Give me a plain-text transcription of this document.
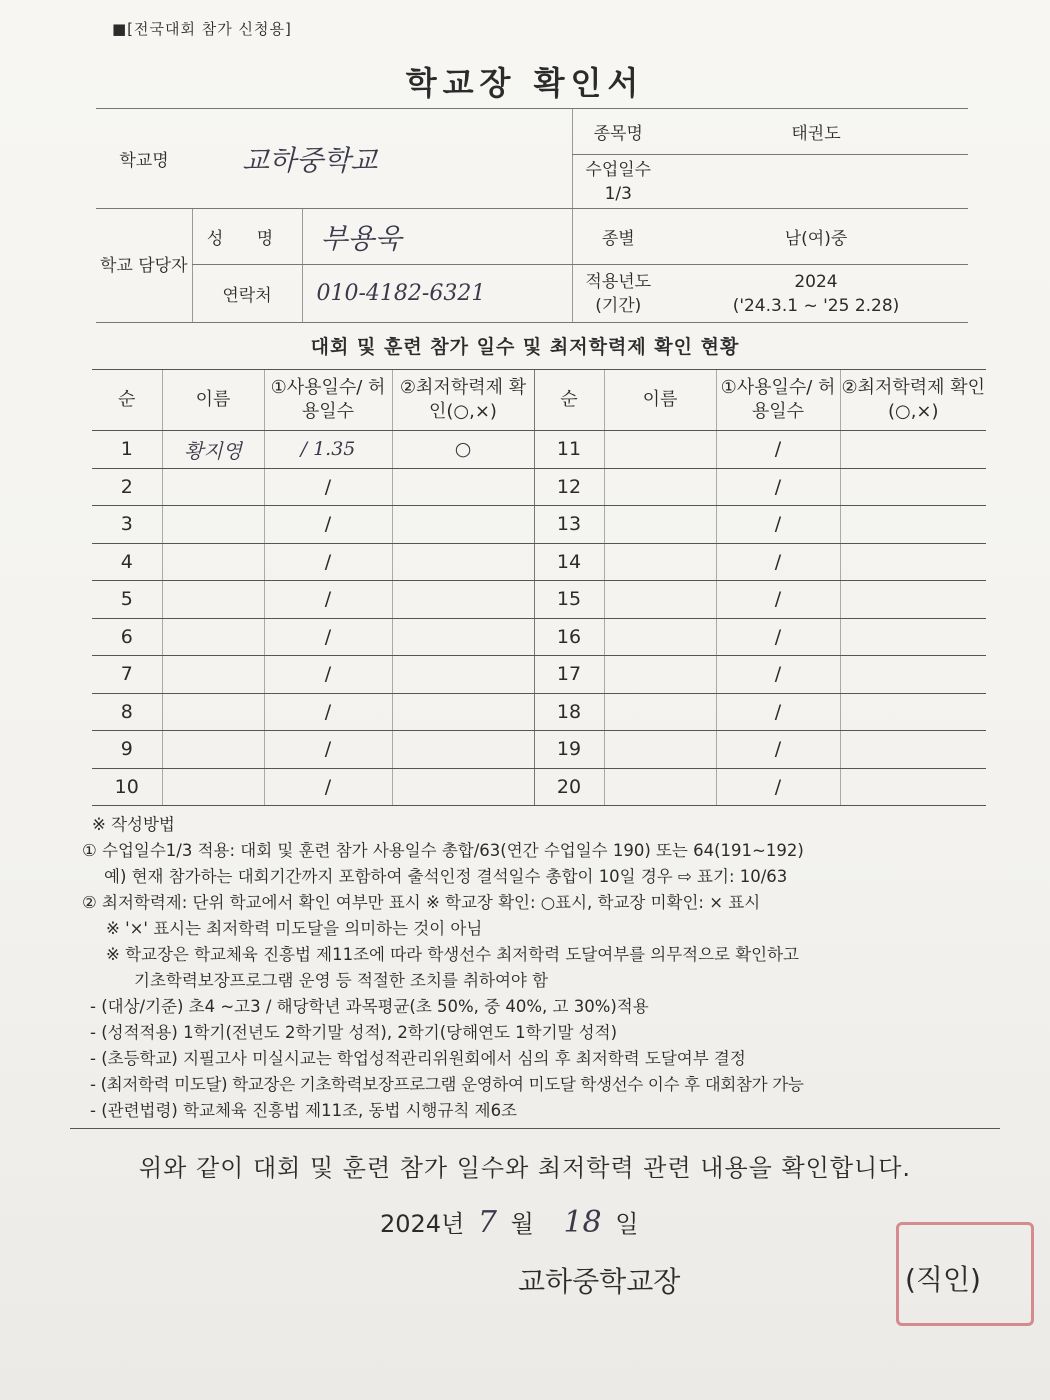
■[전국대회 참가 신청용]
학교장 확인서
학교명	교하중학교		종목명	태권도
			수업일수 1/3	
학교 담당자	성 명	부용욱	종별	남(여)중
	연락처	010-4182-6321	적용년도 (기간)	2024
('24.3.1 ~ '25 2.28)
대회 및 훈련 참가 일수 및 최저학력제 확인 현황
순	이름	①사용일수/ 허용일수	②최저학력제 확인(○,×)	순	이름	①사용일수/ 허용일수	②최저학력제 확인(○,×)
1	황지영	/ 1.35	○	11		/	
2		/		12		/	
3		/		13		/	
4		/		14		/	
5		/		15		/	
6		/		16		/	
7		/		17		/	
8		/		18		/	
9		/		19		/	
10		/		20		/	
※ 작성방법
① 수업일수1/3 적용: 대회 및 훈련 참가 사용일수 총합/63(연간 수업일수 190) 또는 64(191~192)
예) 현재 참가하는 대회기간까지 포함하여 출석인정 결석일수 총합이 10일 경우 ⇨ 표기: 10/63
② 최저학력제: 단위 학교에서 확인 여부만 표시 ※ 학교장 확인: ○표시, 학교장 미확인: × 표시
※ '×' 표시는 최저학력 미도달을 의미하는 것이 아님
※ 학교장은 학교체육 진흥법 제11조에 따라 학생선수 최저학력 도달여부를 의무적으로 확인하고
기초학력보장프로그램 운영 등 적절한 조치를 취하여야 함
- (대상/기준) 초4 ~고3 / 해당학년 과목평균(초 50%, 중 40%, 고 30%)적용
- (성적적용) 1학기(전년도 2학기말 성적), 2학기(당해연도 1학기말 성적)
- (초등학교) 지필고사 미실시교는 학업성적관리위원회에서 심의 후 최저학력 도달여부 결정
- (최저학력 미도달) 학교장은 기초학력보장프로그램 운영하여 미도달 학생선수 이수 후 대회참가 가능
- (관련법령) 학교체육 진흥법 제11조, 동법 시행규칙 제6조
위와 같이 대회 및 훈련 참가 일수와 최저학력 관련 내용을 확인합니다.
2024년 7 월 18 일
교하중학교장	(직인)
